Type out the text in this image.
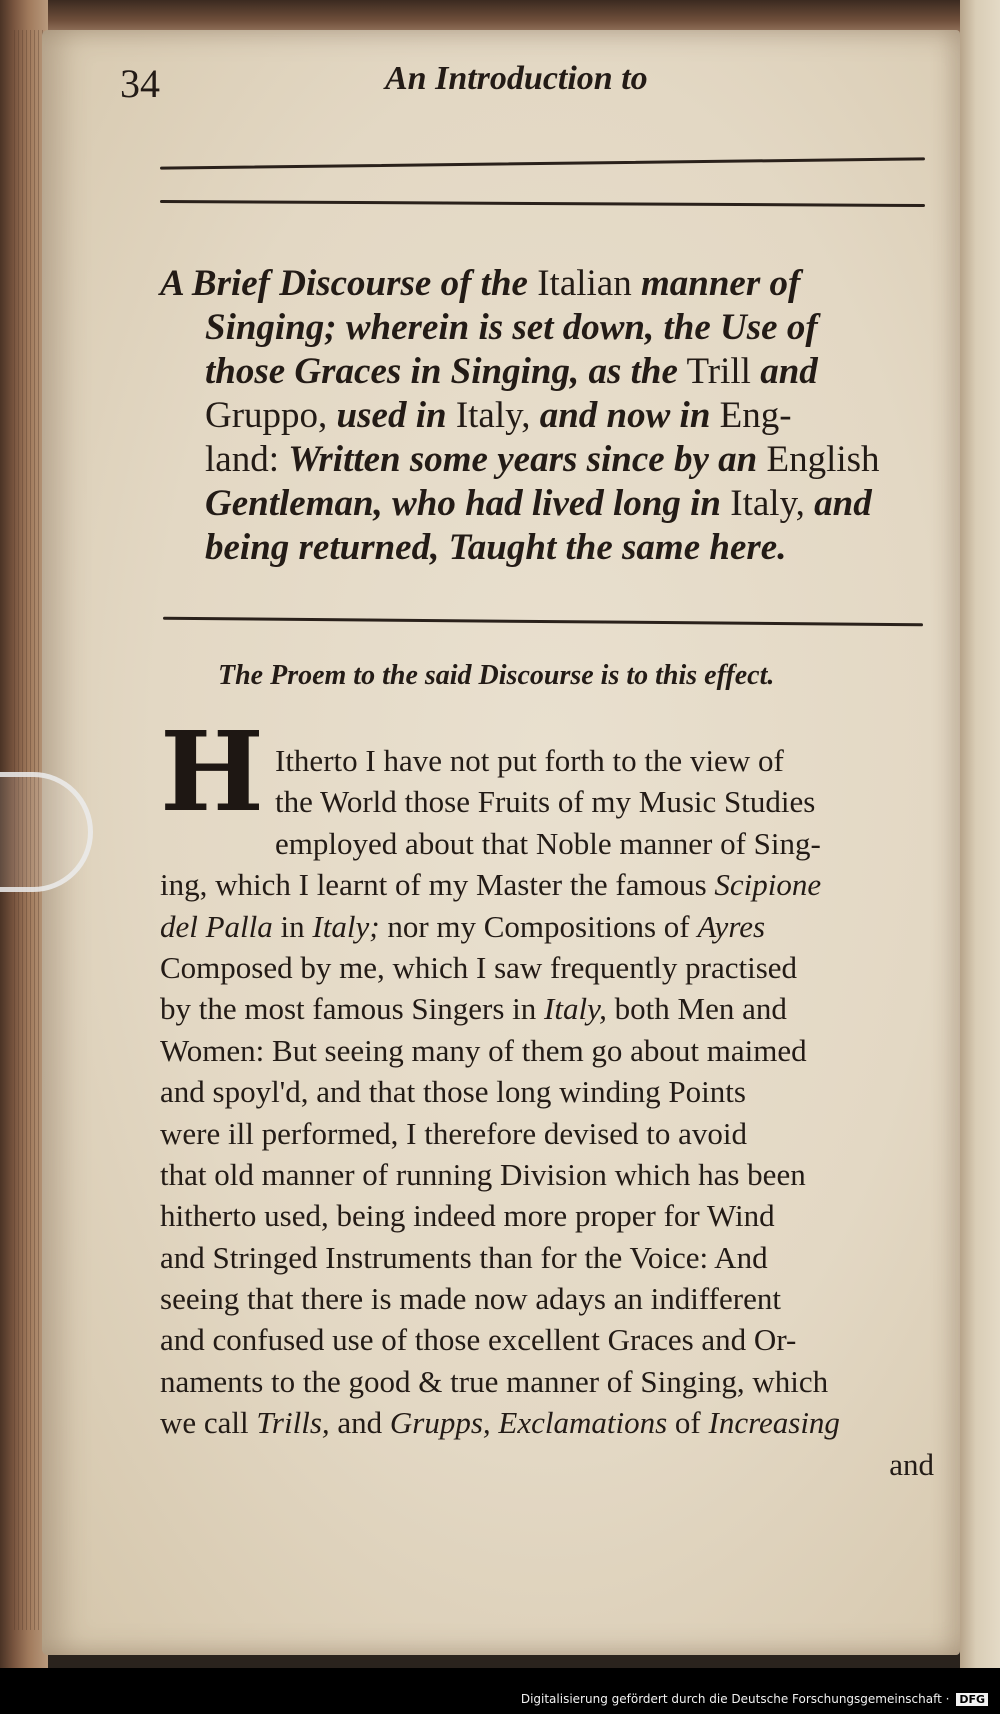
34	An Introduction to
A Brief Discourse of the Italian manner of
Singing; wherein is set down, the Use of
those Graces in Singing, as the Trill and
Gruppo, used in Italy, and now in Eng-
land: Written some years since by an English
Gentleman, who had lived long in Italy, and
being returned, Taught the same here.
The Proem to the said Discourse is to this effect.
H Itherto I have not put forth to the view of
the World those Fruits of my Music Studies
employed about that Noble manner of Sing-
ing, which I learnt of my Master the famous Scipione
del Palla in Italy; nor my Compositions of Ayres
Composed by me, which I saw frequently practised
by the most famous Singers in Italy, both Men and
Women: But seeing many of them go about maimed
and spoyl'd, and that those long winding Points
were ill performed, I therefore devised to avoid
that old manner of running Division which has been
hitherto used, being indeed more proper for Wind
and Stringed Instruments than for the Voice: And
seeing that there is made now adays an indifferent
and confused use of those excellent Graces and Or-
naments to the good & true manner of Singing, which
we call Trills, and Grupps, Exclamations of Increasing
and
Digitalisierung gefördert durch die Deutsche Forschungsgemeinschaft · DFG
